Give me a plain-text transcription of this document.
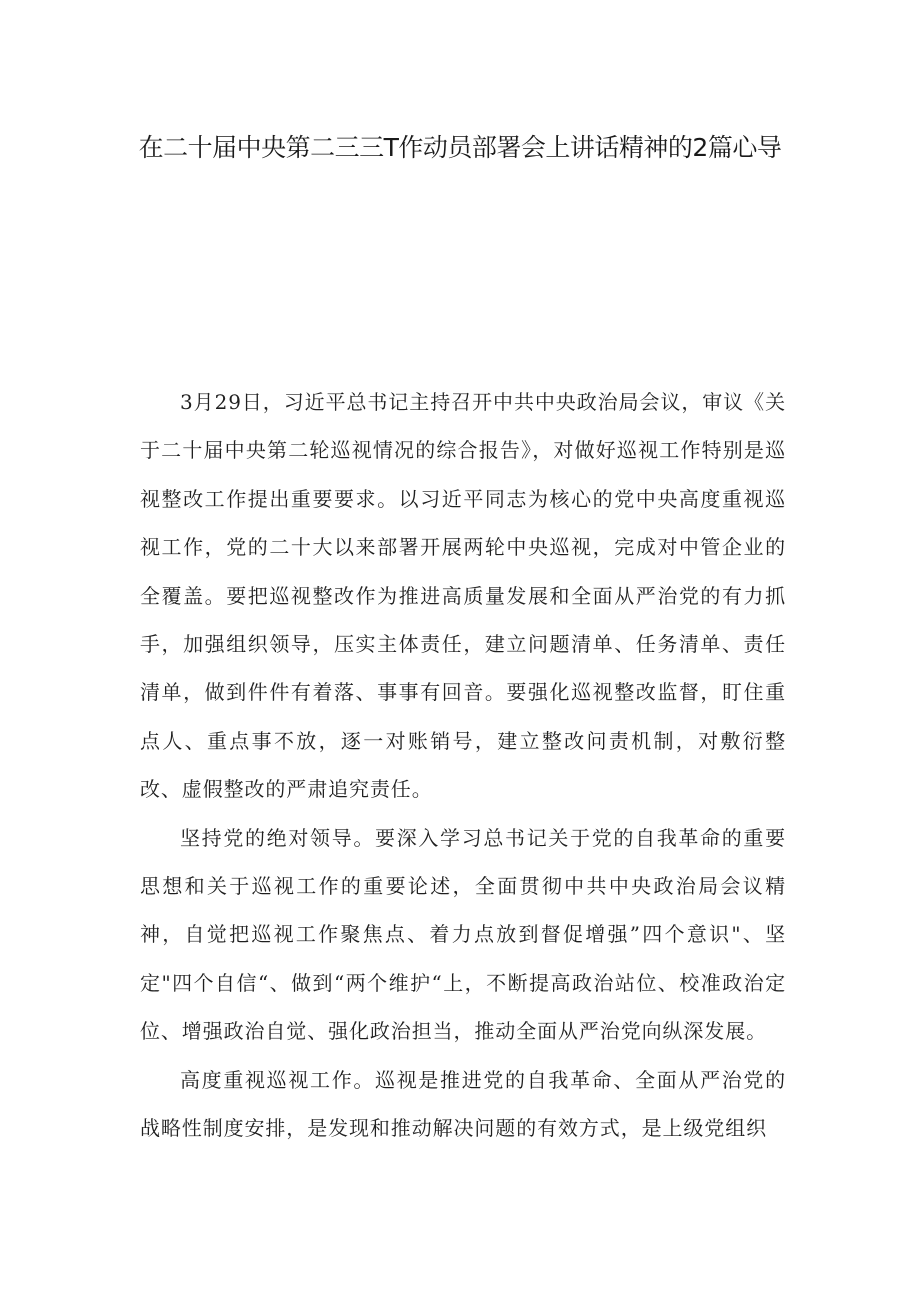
在二十届中央第二三三T作动员部署会上讲话精神的2篇心导

3月29日，习近平总书记主持召开中共中央政治局会议，审议《关于二十届中央第二轮巡视情况的综合报告》，对做好巡视工作特别是巡视整改工作提出重要要求。以习近平同志为核心的党中央高度重视巡视工作，党的二十大以来部署开展两轮中央巡视，完成对中管企业的全覆盖。要把巡视整改作为推进高质量发展和全面从严治党的有力抓手，加强组织领导，压实主体责任，建立问题清单、任务清单、责任清单，做到件件有着落、事事有回音。要强化巡视整改监督，盯住重点人、重点事不放，逐一对账销号，建立整改问责机制，对敷衍整改、虚假整改的严肃追究责任。

坚持党的绝对领导。要深入学习总书记关于党的自我革命的重要思想和关于巡视工作的重要论述，全面贯彻中共中央政治局会议精神，自觉把巡视工作聚焦点、着力点放到督促增强”四个意识"、坚定"四个自信“、做到“两个维护“上，不断提高政治站位、校准政治定位、增强政治自觉、强化政治担当，推动全面从严治党向纵深发展。

高度重视巡视工作。巡视是推进党的自我革命、全面从严治党的战略性制度安排，是发现和推动解决问题的有效方式，是上级党组织
